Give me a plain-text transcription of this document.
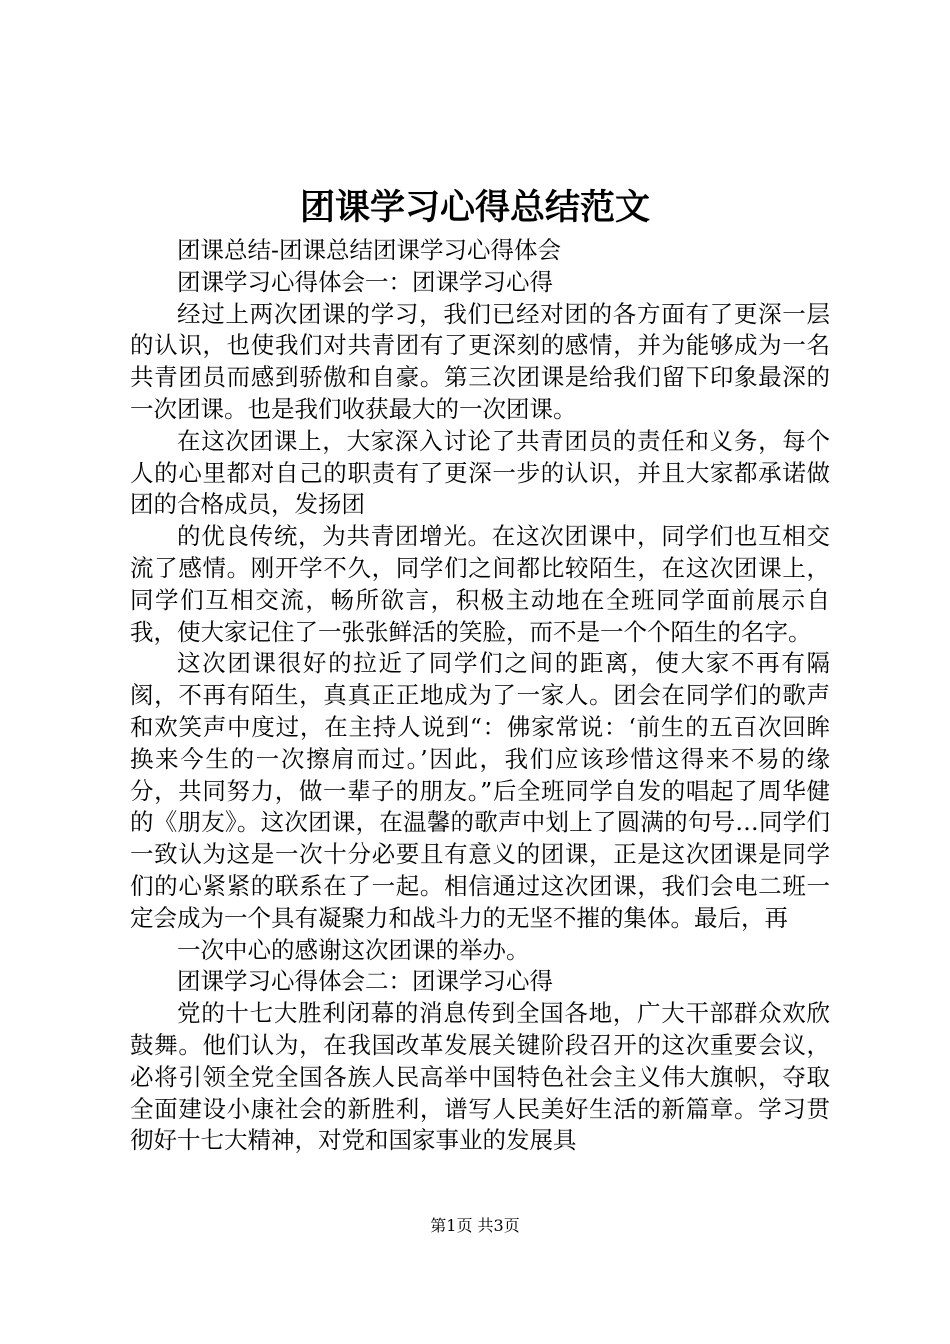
团课学习心得总结范文

团课总结-团课总结团课学习心得体会

团课学习心得体会一：团课学习心得

经过上两次团课的学习，我们已经对团的各方面有了更深一层的认识，也使我们对共青团有了更深刻的感情，并为能够成为一名共青团员而感到骄傲和自豪。第三次团课是给我们留下印象最深的一次团课。也是我们收获最大的一次团课。

在这次团课上，大家深入讨论了共青团员的责任和义务，每个人的心里都对自己的职责有了更深一步的认识，并且大家都承诺做团的合格成员，发扬团

的优良传统，为共青团增光。在这次团课中，同学们也互相交流了感情。刚开学不久，同学们之间都比较陌生，在这次团课上，同学们互相交流，畅所欲言，积极主动地在全班同学面前展示自我，使大家记住了一张张鲜活的笑脸，而不是一个个陌生的名字。

这次团课很好的拉近了同学们之间的距离，使大家不再有隔阂，不再有陌生，真真正正地成为了一家人。团会在同学们的歌声和欢笑声中度过，在主持人说到“：佛家常说：‘前生的五百次回眸换来今生的一次擦肩而过。’因此，我们应该珍惜这得来不易的缘分，共同努力，做一辈子的朋友。”后全班同学自发的唱起了周华健的《朋友》。这次团课，在温馨的歌声中划上了圆满的句号…同学们一致认为这是一次十分必要且有意义的团课，正是这次团课是同学们的心紧紧的联系在了一起。相信通过这次团课，我们会电二班一定会成为一个具有凝聚力和战斗力的无坚不摧的集体。最后，再

一次中心的感谢这次团课的举办。

团课学习心得体会二：团课学习心得

党的十七大胜利闭幕的消息传到全国各地，广大干部群众欢欣鼓舞。他们认为，在我国改革发展关键阶段召开的这次重要会议，必将引领全党全国各族人民高举中国特色社会主义伟大旗帜，夺取全面建设小康社会的新胜利，谱写人民美好生活的新篇章。学习贯彻好十七大精神，对党和国家事业的发展具

第1页 共3页
